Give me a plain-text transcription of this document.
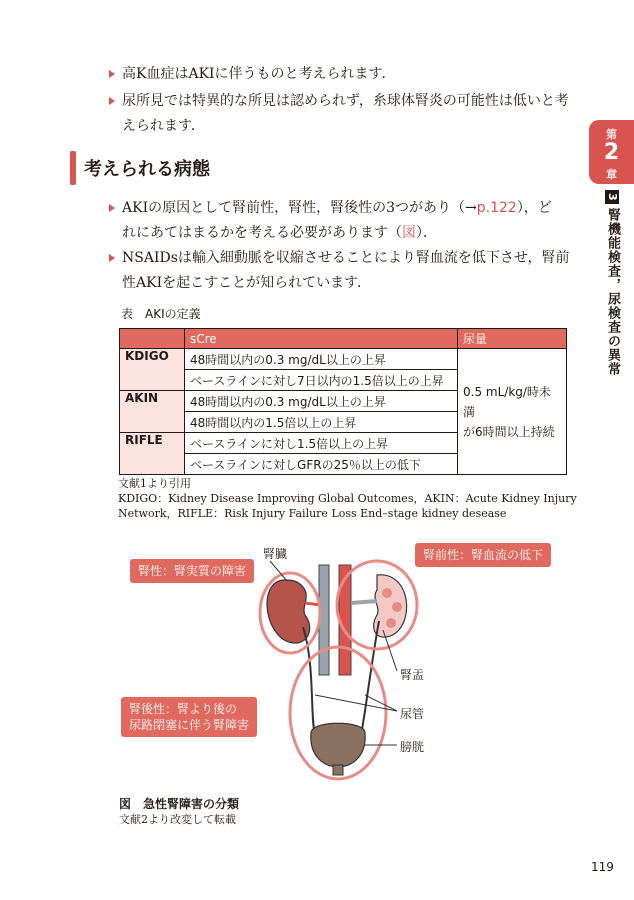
高K血症はAKIに伴うものと考えられます．
尿所見では特異的な所見は認められず，糸球体腎炎の可能性は低いと考
えられます．
考えられる病態
AKIの原因として腎前性，腎性，腎後性の3つがあり（→p.122），ど
れにあてはまるかを考える必要があります（図）．
NSAIDsは輸入細動脈を収縮させることにより腎血流を低下させ，腎前
性AKIを起こすことが知られています．
第
2
章
3腎機能検査，尿検査の異常
表　AKIの定義
	sCre	尿量
KDIGO	48時間以内の0.3 mg/dL以上の上昇	0.5 mL/kg/時未満
が6時間以上持続
	ベースラインに対し7日以内の1.5倍以上の上昇	
AKIN	48時間以内の0.3 mg/dL以上の上昇	
	48時間以内の1.5倍以上の上昇	
RIFLE	ベースラインに対し1.5倍以上の上昇	
	ベースラインに対しGFRの25％以上の低下	
文献1より引用
KDIGO：Kidney Disease Improving Global Outcomes，AKIN：Acute Kidney Injury
Network，RIFLE：Risk Injury Failure Loss End–stage kidney desease
腎性：腎実質の障害
腎前性：腎血流の低下
腎後性：腎より後の
尿路閉塞に伴う腎障害
腎臓
腎盂
尿管
膀胱
図　急性腎障害の分類
文献2より改変して転載
119
